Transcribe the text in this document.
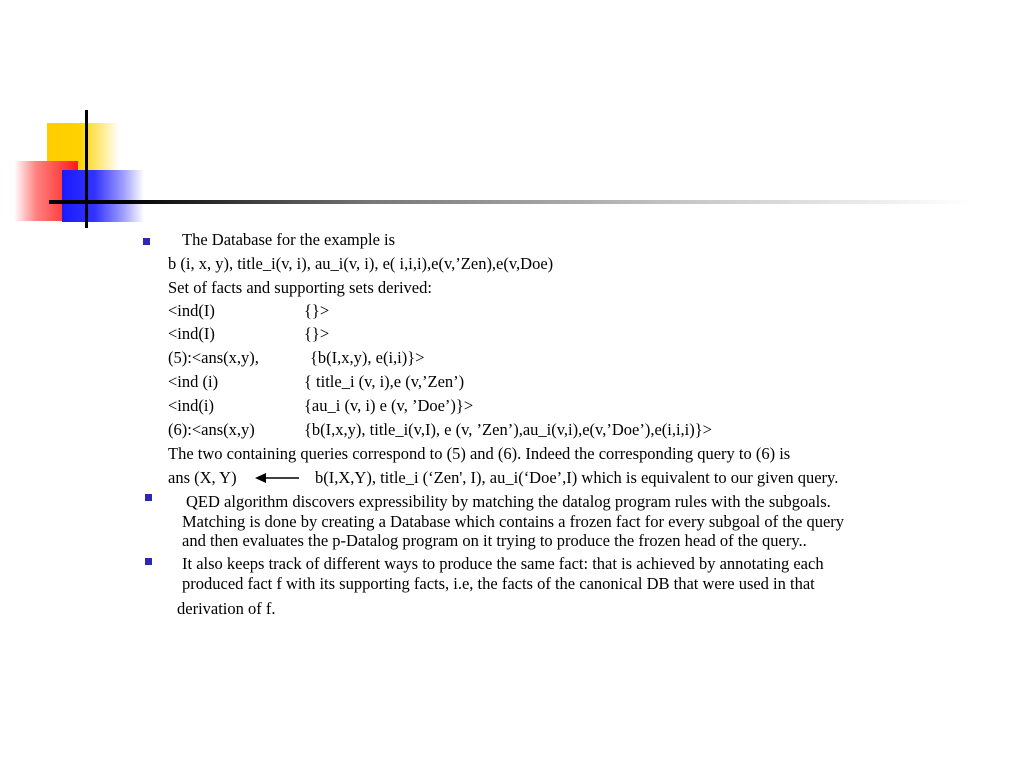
The Database for the example is
b (i, x, y), title_i(v, i), au_i(v, i), e( i,i,i),e(v,’Zen),e(v,Doe)
Set of facts and supporting sets derived:
<ind(I)	{}>
<ind(I)	{}>
(5):<ans(x,y),	{b(I,x,y), e(i,i)}>
<ind (i)	{ title_i (v, i),e (v,’Zen’)
<ind(i)	{au_i (v, i) e (v, ’Doe’)}>
(6):<ans(x,y)	{b(I,x,y), title_i(v,I), e (v, ’Zen’),au_i(v,i),e(v,’Doe’),e(i,i,i)}>
The two containing queries correspond to (5) and (6). Indeed the corresponding query to (6) is
ans (X, Y)	b(I,X,Y), title_i (‘Zen', I), au_i(‘Doe’,I) which is equivalent to our given query.
QED algorithm discovers expressibility by matching the datalog program rules with the subgoals.
Matching is done by creating a Database which contains a frozen fact for every subgoal of the query
and then evaluates the p-Datalog program on it trying to produce the frozen head of the query..
It also keeps track of different ways to produce the same fact: that is achieved by annotating each
produced fact f with its supporting facts, i.e, the facts of the canonical DB that were used in that
derivation of f.
